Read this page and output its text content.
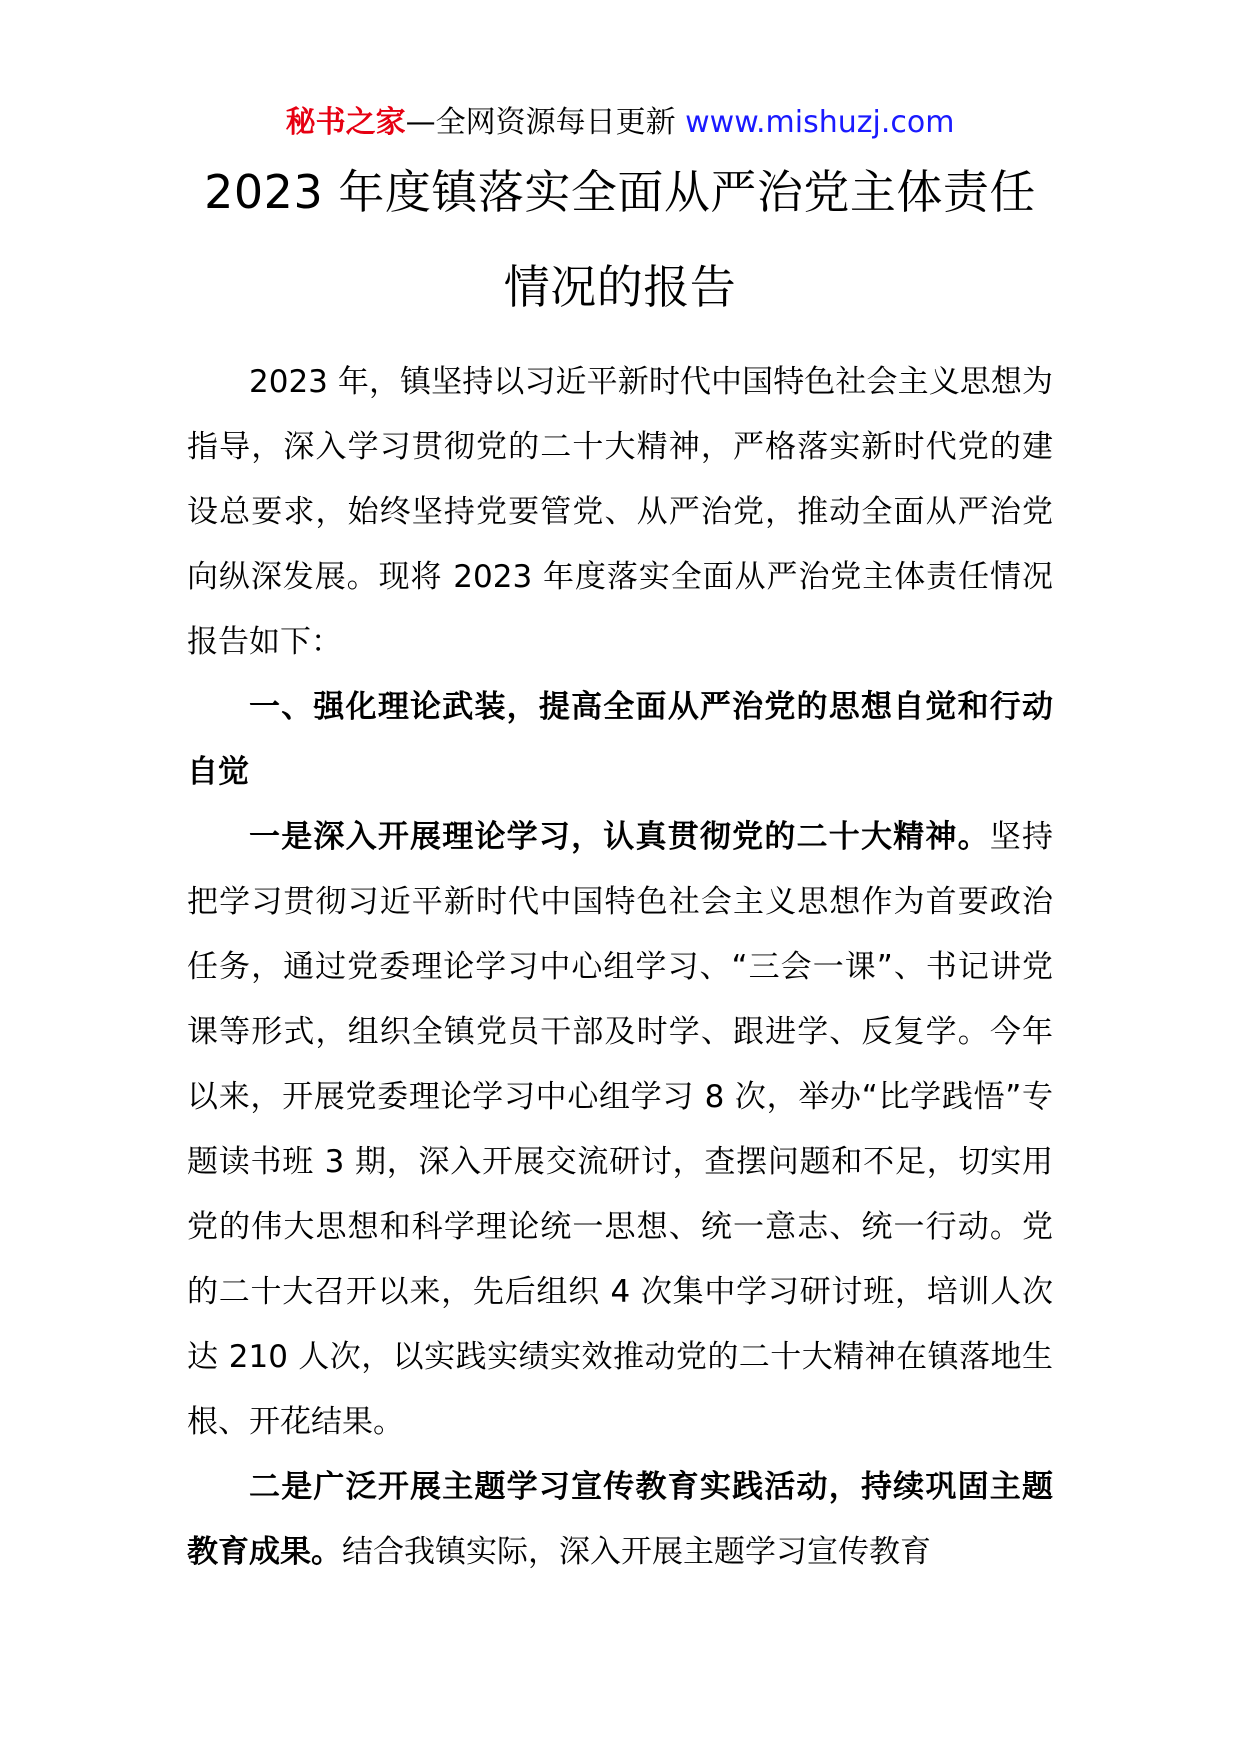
秘书之家—全网资源每日更新 www.mishuzj.com
2023 年度镇落实全面从严治党主体责任
情况的报告

2023 年，镇坚持以习近平新时代中国特色社会主义思想为指导，深入学习贯彻党的二十大精神，严格落实新时代党的建设总要求，始终坚持党要管党、从严治党，推动全面从严治党向纵深发展。现将 2023 年度落实全面从严治党主体责任情况报告如下：

一、强化理论武装，提高全面从严治党的思想自觉和行动自觉

一是深入开展理论学习，认真贯彻党的二十大精神。坚持把学习贯彻习近平新时代中国特色社会主义思想作为首要政治任务，通过党委理论学习中心组学习、“三会一课”、书记讲党课等形式，组织全镇党员干部及时学、跟进学、反复学。今年以来，开展党委理论学习中心组学习 8 次，举办“比学践悟”专题读书班 3 期，深入开展交流研讨，查摆问题和不足，切实用党的伟大思想和科学理论统一思想、统一意志、统一行动。党的二十大召开以来，先后组织 4 次集中学习研讨班，培训人次达 210 人次，以实践实绩实效推动党的二十大精神在镇落地生根、开花结果。

二是广泛开展主题学习宣传教育实践活动，持续巩固主题教育成果。结合我镇实际，深入开展主题学习宣传教育
